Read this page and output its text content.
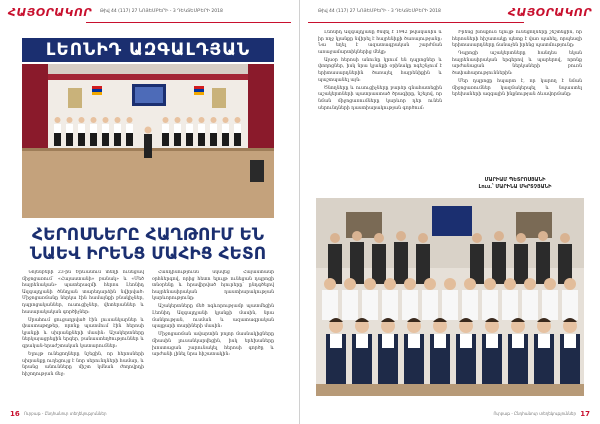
ՀԱՅՕՐԱԿՈՐ Թիվ 44 (117) 27 ՆՈՅԵՄԲԵՐԻ - 3 ԴԵԿՏԵՄԲԵՐԻ 2018
ԼԵՈՆԻԴ ԱԶԳԱԼԴՅԱՆ
ՀԵՐՈՍՆԵՐԸ ՀԱՂԹՈՒՄ ԵՆ
ՆԱԵՎ ԻՐԵՆՑ ՄԱՀԻՑ ՀԵՏՈ

Նոյեմբերի 23-ին Երևանում տեղի ունեցավ միջոցառում՝ «Հայաստանի» բանակ» և «Մեծ հայրենական» պատերազմի հերոս Լեոնիդ Ազգալդյանի ծննդյան տարեդարձին նվիրված: Միջոցառմանը ներկա էին համայնքի բնակիչներ, դպրոցականներ, ուսուցիչներ, վետերաններ և հասարակական գործիչներ:

Սրահում ցուցադրված էին լուսանկարներ և փաստաթղթեր, որոնք պատմում էին հերոսի կյանքի և սխրանքների մասին: Աշակերտները ներկայացրեցին երգեր, բանաստեղծություններ և գրական-երաժշտական կատարումներ:

Ելույթ ունեցողները նշեցին, որ հերոսների սխրանքը ուղեցույց է նոր սերունդների համար, և նրանց անունները միշտ կմնան ժողովրդի հիշողության մեջ:

Հանդիսությունն սկսվեց Հայաստանի օրհներգով, որից հետո ելույթ ունեցան դպրոցի տնօրենը և հրավիրված հյուրերը՝ ընդգծելով հայրենասիրական դաստիարակության կարևորությունը:

Աշակերտները մեծ ոգևորությամբ պատմեցին Լեոնիդ Ազգալդյանի կյանքի մասին, նրա մանկության, ուսման և ազատագրական պայքարի տարիների մասին:

Միջոցառման ավարտին բոլոր մասնակիցները միասին լուսանկարվեցին, իսկ երեխաները խոստացան շարունակել հերոսի գործը և արժանի լինել նրա հիշատակին:

16 Ուրբաթ - Ընդհանուր տեղեկություններ
Թիվ 44 (117) 27 ՆՈՅԵՄԲԵՐԻ - 3 ԴԵԿՏԵՄԲԵՐԻ 2018	ՀԱՅՕՐԱԿՈՐ

Լեոնիդ Ազգալդյանը ծնվել է 1942 թվականին և իր ողջ կյանքը նվիրել է հայրենիքի ծառայությանը: Նա եղել է ազատագրական շարժման առաջամարտիկներից մեկը:

Այսօր հերոսի անունը կրում են դպրոցներ և փողոցներ, իսկ նրա կյանքի օրինակը ոգեշնչում է երիտասարդներին ծառայել հայրենիքին և պաշտպանել այն:

Ծնողները և ուսուցիչները բարձր գնահատեցին աշակերտների պատրաստած ծրագիրը, նշելով, որ նման միջոցառումները կարևոր դեր ունեն սերունդների դաստիարակության գործում:

Իրենց խոսքում ելույթ ունեցողները շեշտեցին, որ հերոսների հիշատակը պետք է վառ պահել, որպեսզի երիտասարդները ճանաչեն իրենց պատմությունը:

Դպրոցի աշակերտները հանդես եկան հայրենասիրական երգերով և պարերով, որոնք արժանացան ներկաների բուռն ծափահարություններին:

Մեր դպրոցը հպարտ է, որ կարող է նման միջոցառումներ կազմակերպել և նպաստել երեխաների ազգային ինքնության ձևավորմանը:

ՄԱՐԻԱՄ ՊԵՏՐՈՍՅԱՆԻ
Լուս.՝ ՄԱՐԻՆԱ ՄԿՐՏՉՅԱՆԻ
Ուրբաթ - Ընդհանուր տեղեկություններ 17
